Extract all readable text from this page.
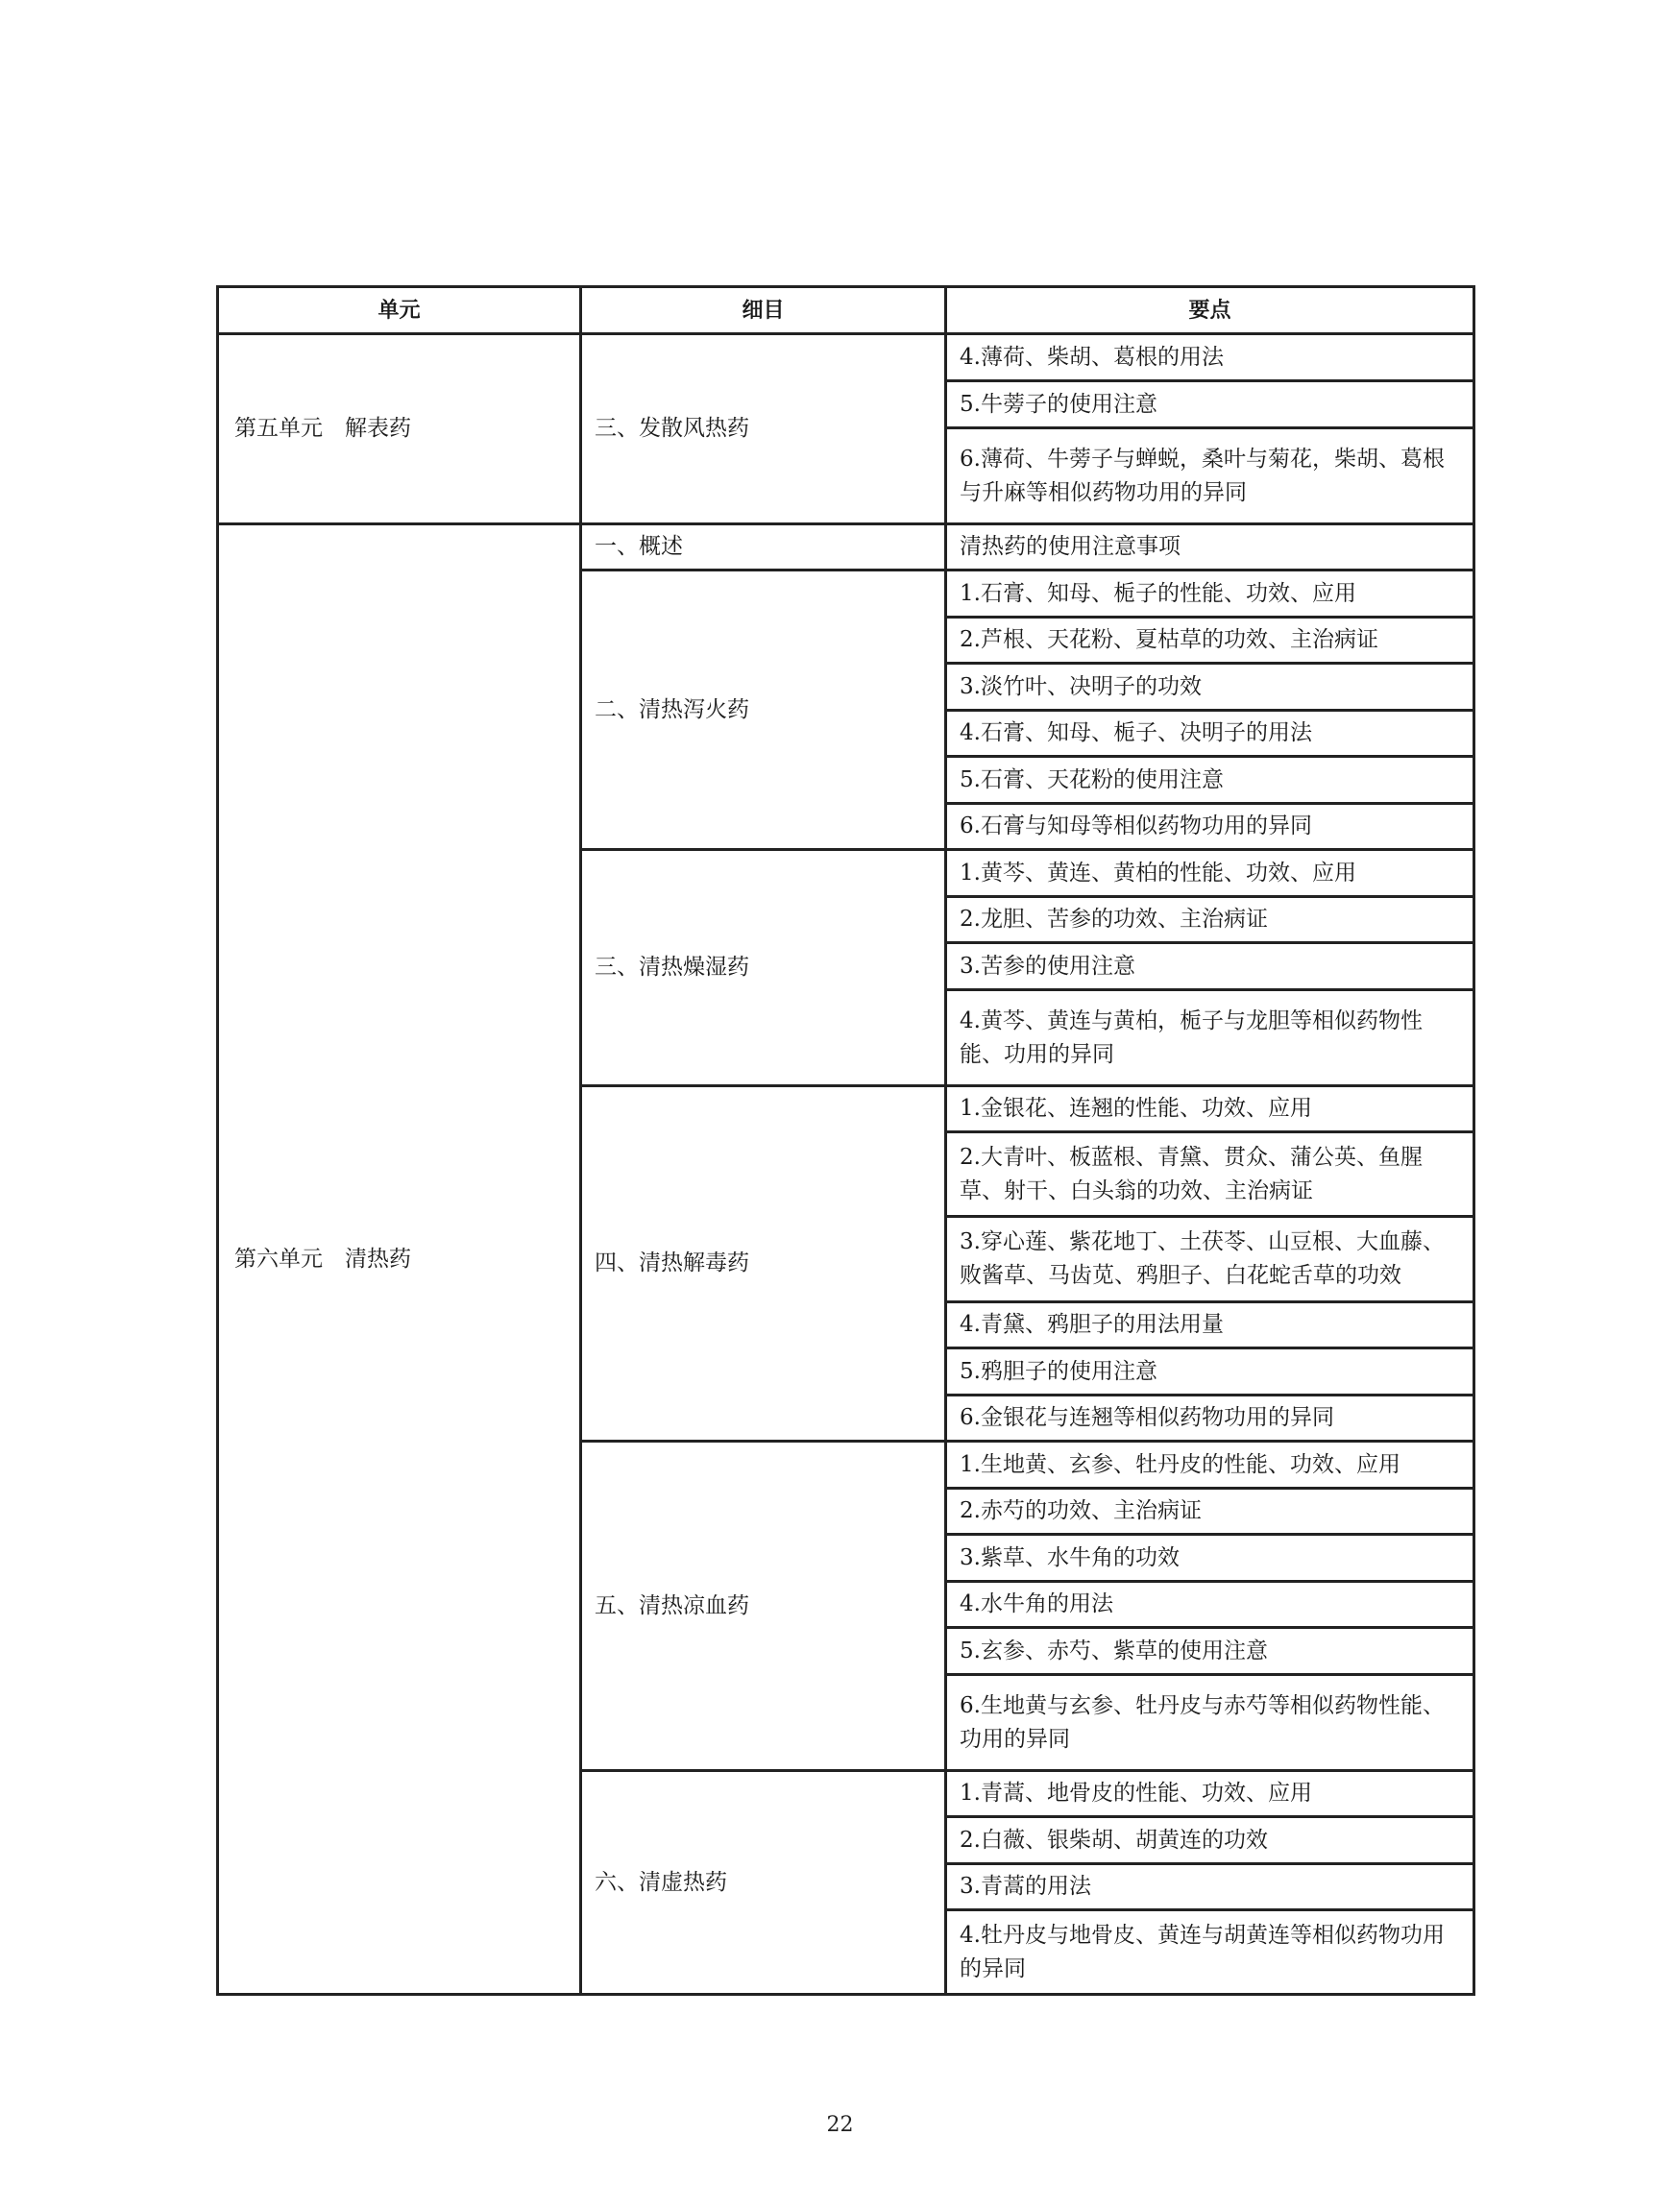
单元	细目	要点
第五单元　解表药	三、发散风热药	4.薄荷、柴胡、葛根的用法
		5.牛蒡子的使用注意
		6.薄荷、牛蒡子与蝉蜕，桑叶与菊花，柴胡、葛根与升麻等相似药物功用的异同
第六单元　清热药	一、概述	清热药的使用注意事项
	二、清热泻火药	1.石膏、知母、栀子的性能、功效、应用
		2.芦根、天花粉、夏枯草的功效、主治病证
		3.淡竹叶、决明子的功效
		4.石膏、知母、栀子、决明子的用法
		5.石膏、天花粉的使用注意
		6.石膏与知母等相似药物功用的异同
	三、清热燥湿药	1.黄芩、黄连、黄柏的性能、功效、应用
		2.龙胆、苦参的功效、主治病证
		3.苦参的使用注意
		4.黄芩、黄连与黄柏，栀子与龙胆等相似药物性能、功用的异同
	四、清热解毒药	1.金银花、连翘的性能、功效、应用
		2.大青叶、板蓝根、青黛、贯众、蒲公英、鱼腥草、射干、白头翁的功效、主治病证
		3.穿心莲、紫花地丁、土茯苓、山豆根、大血藤、败酱草、马齿苋、鸦胆子、白花蛇舌草的功效
		4.青黛、鸦胆子的用法用量
		5.鸦胆子的使用注意
		6.金银花与连翘等相似药物功用的异同
	五、清热凉血药	1.生地黄、玄参、牡丹皮的性能、功效、应用
		2.赤芍的功效、主治病证
		3.紫草、水牛角的功效
		4.水牛角的用法
		5.玄参、赤芍、紫草的使用注意
		6.生地黄与玄参、牡丹皮与赤芍等相似药物性能、功用的异同
	六、清虚热药	1.青蒿、地骨皮的性能、功效、应用
		2.白薇、银柴胡、胡黄连的功效
		3.青蒿的用法
		4.牡丹皮与地骨皮、黄连与胡黄连等相似药物功用的异同
22
